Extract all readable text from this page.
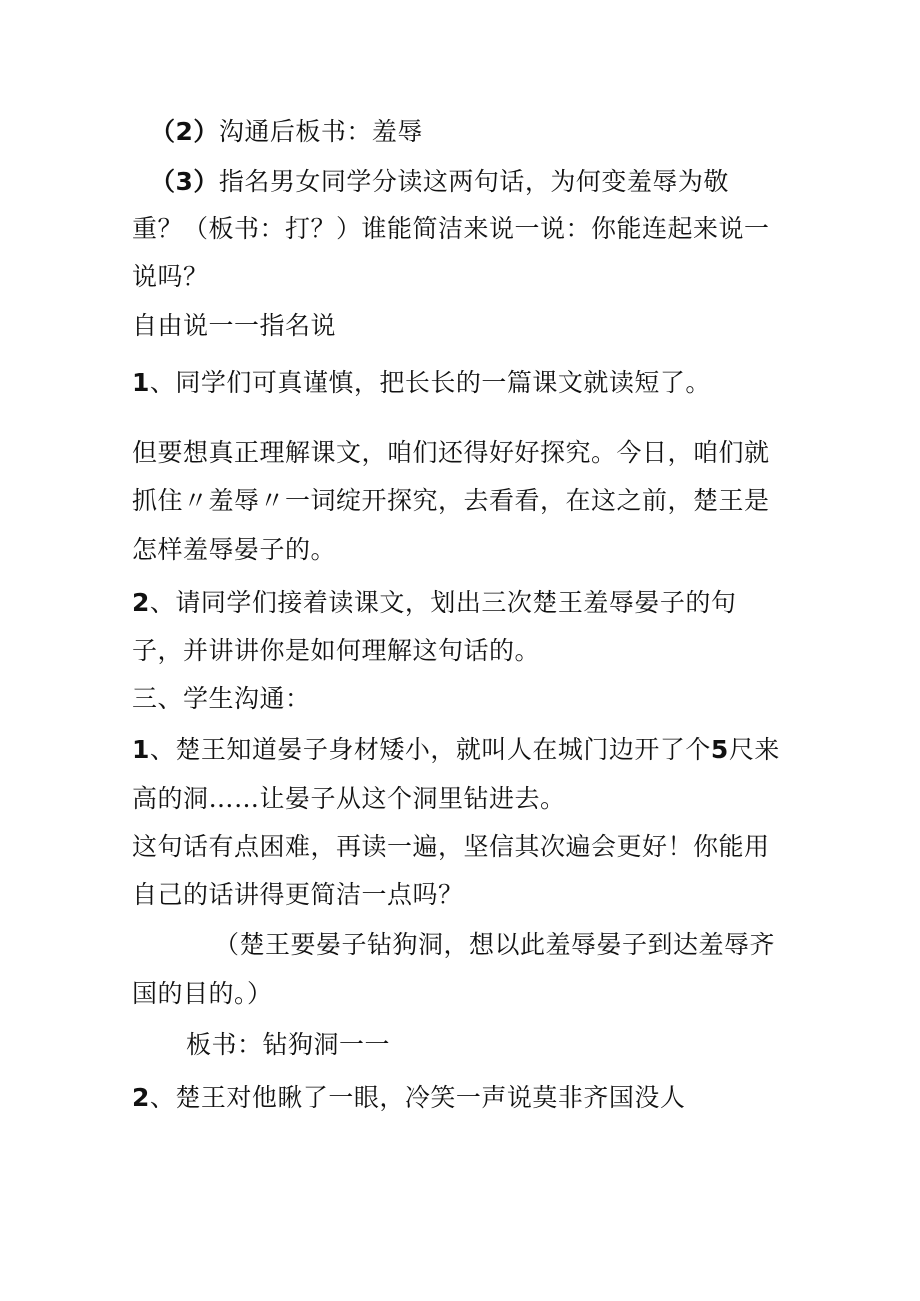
（2）沟通后板书：羞辱
（3）指名男女同学分读这两句话，为何变羞辱为敬
重？（板书：打？）谁能简洁来说一说：你能连起来说一
说吗？
自由说一一指名说
1、同学们可真谨慎，把长长的一篇课文就读短了。
但要想真正理解课文，咱们还得好好探究。今日，咱们就
抓住〃羞辱〃一词绽开探究，去看看，在这之前，楚王是
怎样羞辱晏子的。
2、请同学们接着读课文，划出三次楚王羞辱晏子的句
子，并讲讲你是如何理解这句话的。
三、学生沟通：
1、楚王知道晏子身材矮小，就叫人在城门边开了个5尺来
高的洞……让晏子从这个洞里钻进去。
这句话有点困难，再读一遍，坚信其次遍会更好！你能用
自己的话讲得更简洁一点吗？
（楚王要晏子钻狗洞，想以此羞辱晏子到达羞辱齐
国的目的。）
板书：钻狗洞一一
2、楚王对他瞅了一眼，冷笑一声说莫非齐国没人
